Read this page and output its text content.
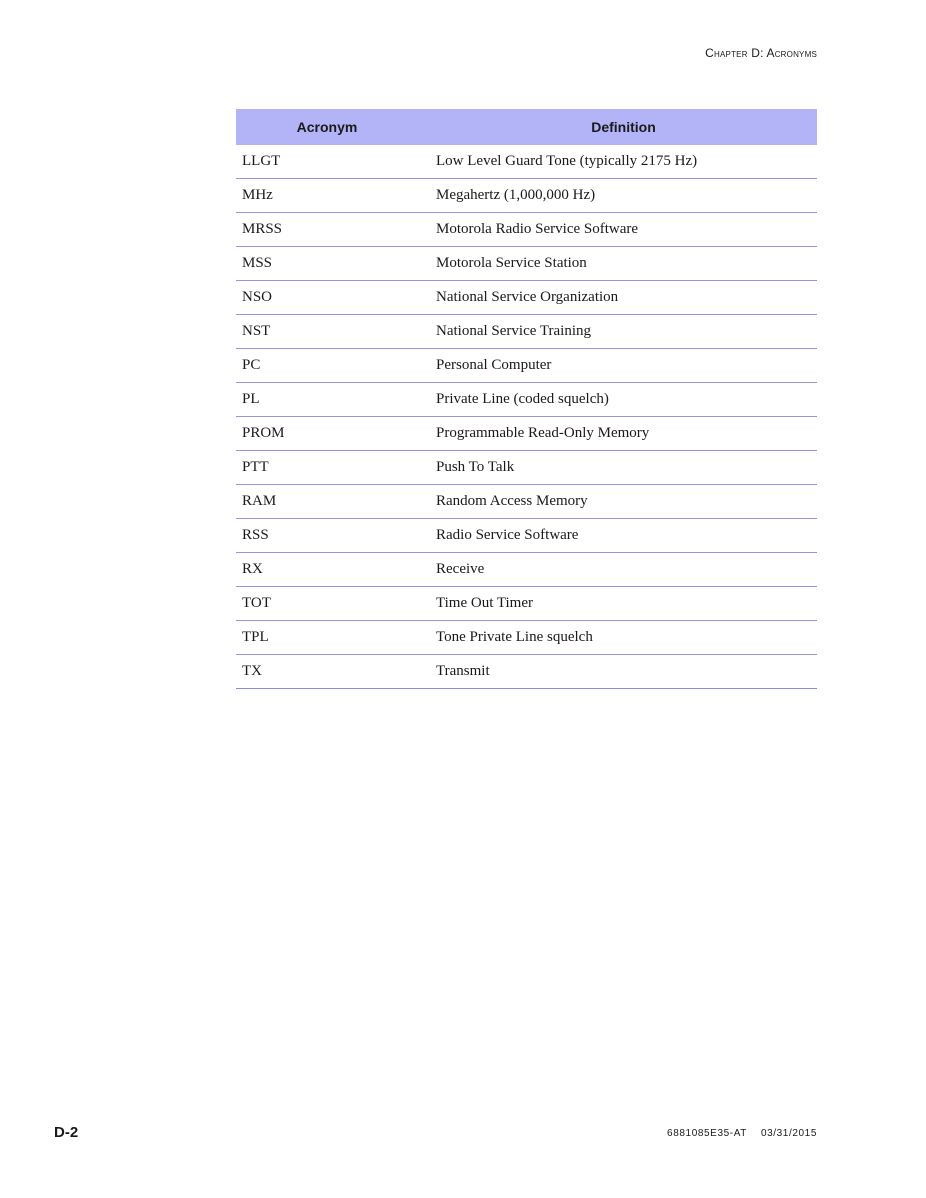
Chapter D: Acronyms
Acronym	Definition
LLGT	Low Level Guard Tone (typically 2175 Hz)
MHz	Megahertz (1,000,000 Hz)
MRSS	Motorola Radio Service Software
MSS	Motorola Service Station
NSO	National Service Organization
NST	National Service Training
PC	Personal Computer
PL	Private Line (coded squelch)
PROM	Programmable Read-Only Memory
PTT	Push To Talk
RAM	Random Access Memory
RSS	Radio Service Software
RX	Receive
TOT	Time Out Timer
TPL	Tone Private Line squelch
TX	Transmit
D-2	6881085E35-AT 03/31/2015
